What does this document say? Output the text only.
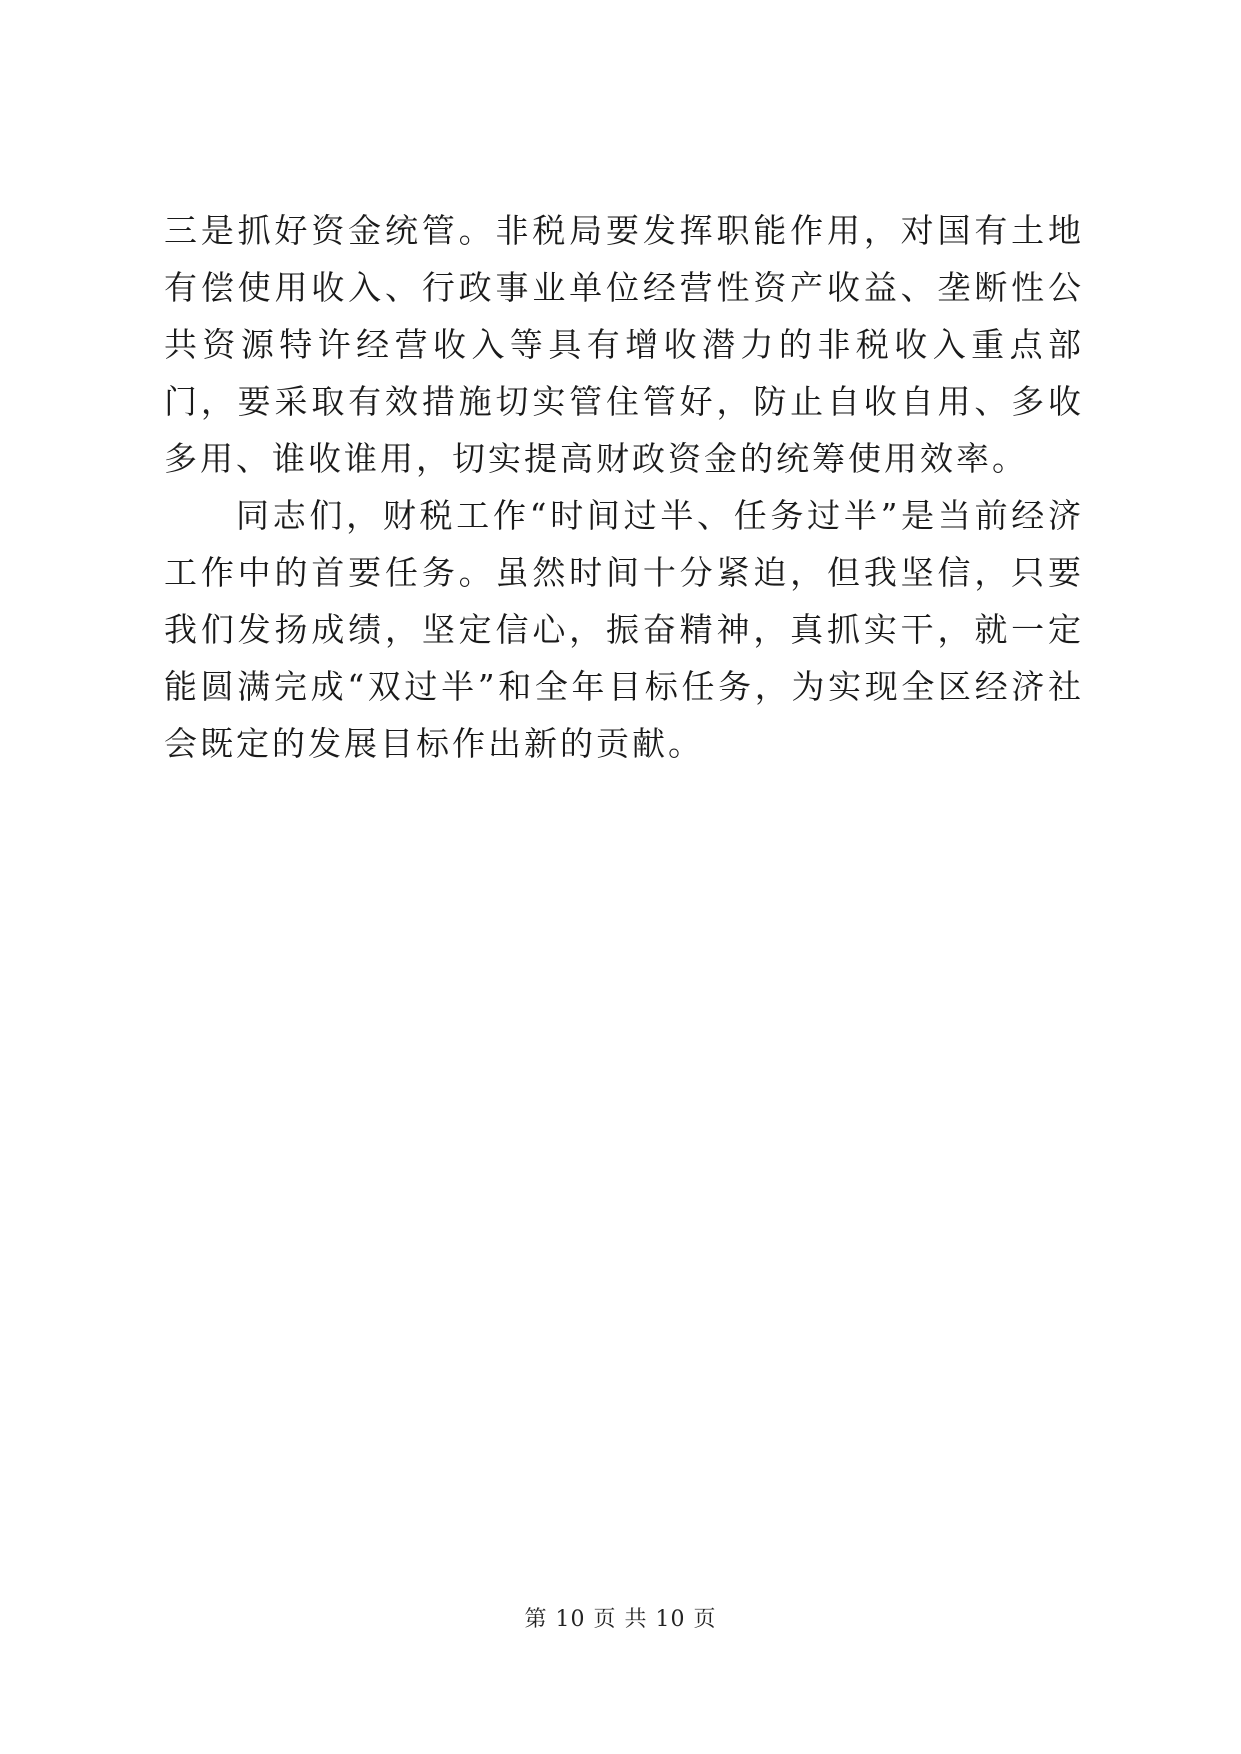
三是抓好资金统管。非税局要发挥职能作用，对国有土地有偿使用收入、行政事业单位经营性资产收益、垄断性公共资源特许经营收入等具有增收潜力的非税收入重点部门，要采取有效措施切实管住管好，防止自收自用、多收多用、谁收谁用，切实提高财政资金的统筹使用效率。

同志们，财税工作“时间过半、任务过半”是当前经济工作中的首要任务。虽然时间十分紧迫，但我坚信，只要我们发扬成绩，坚定信心，振奋精神，真抓实干，就一定能圆满完成“双过半”和全年目标任务，为实现全区经济社会既定的发展目标作出新的贡献。

第 10 页 共 10 页
